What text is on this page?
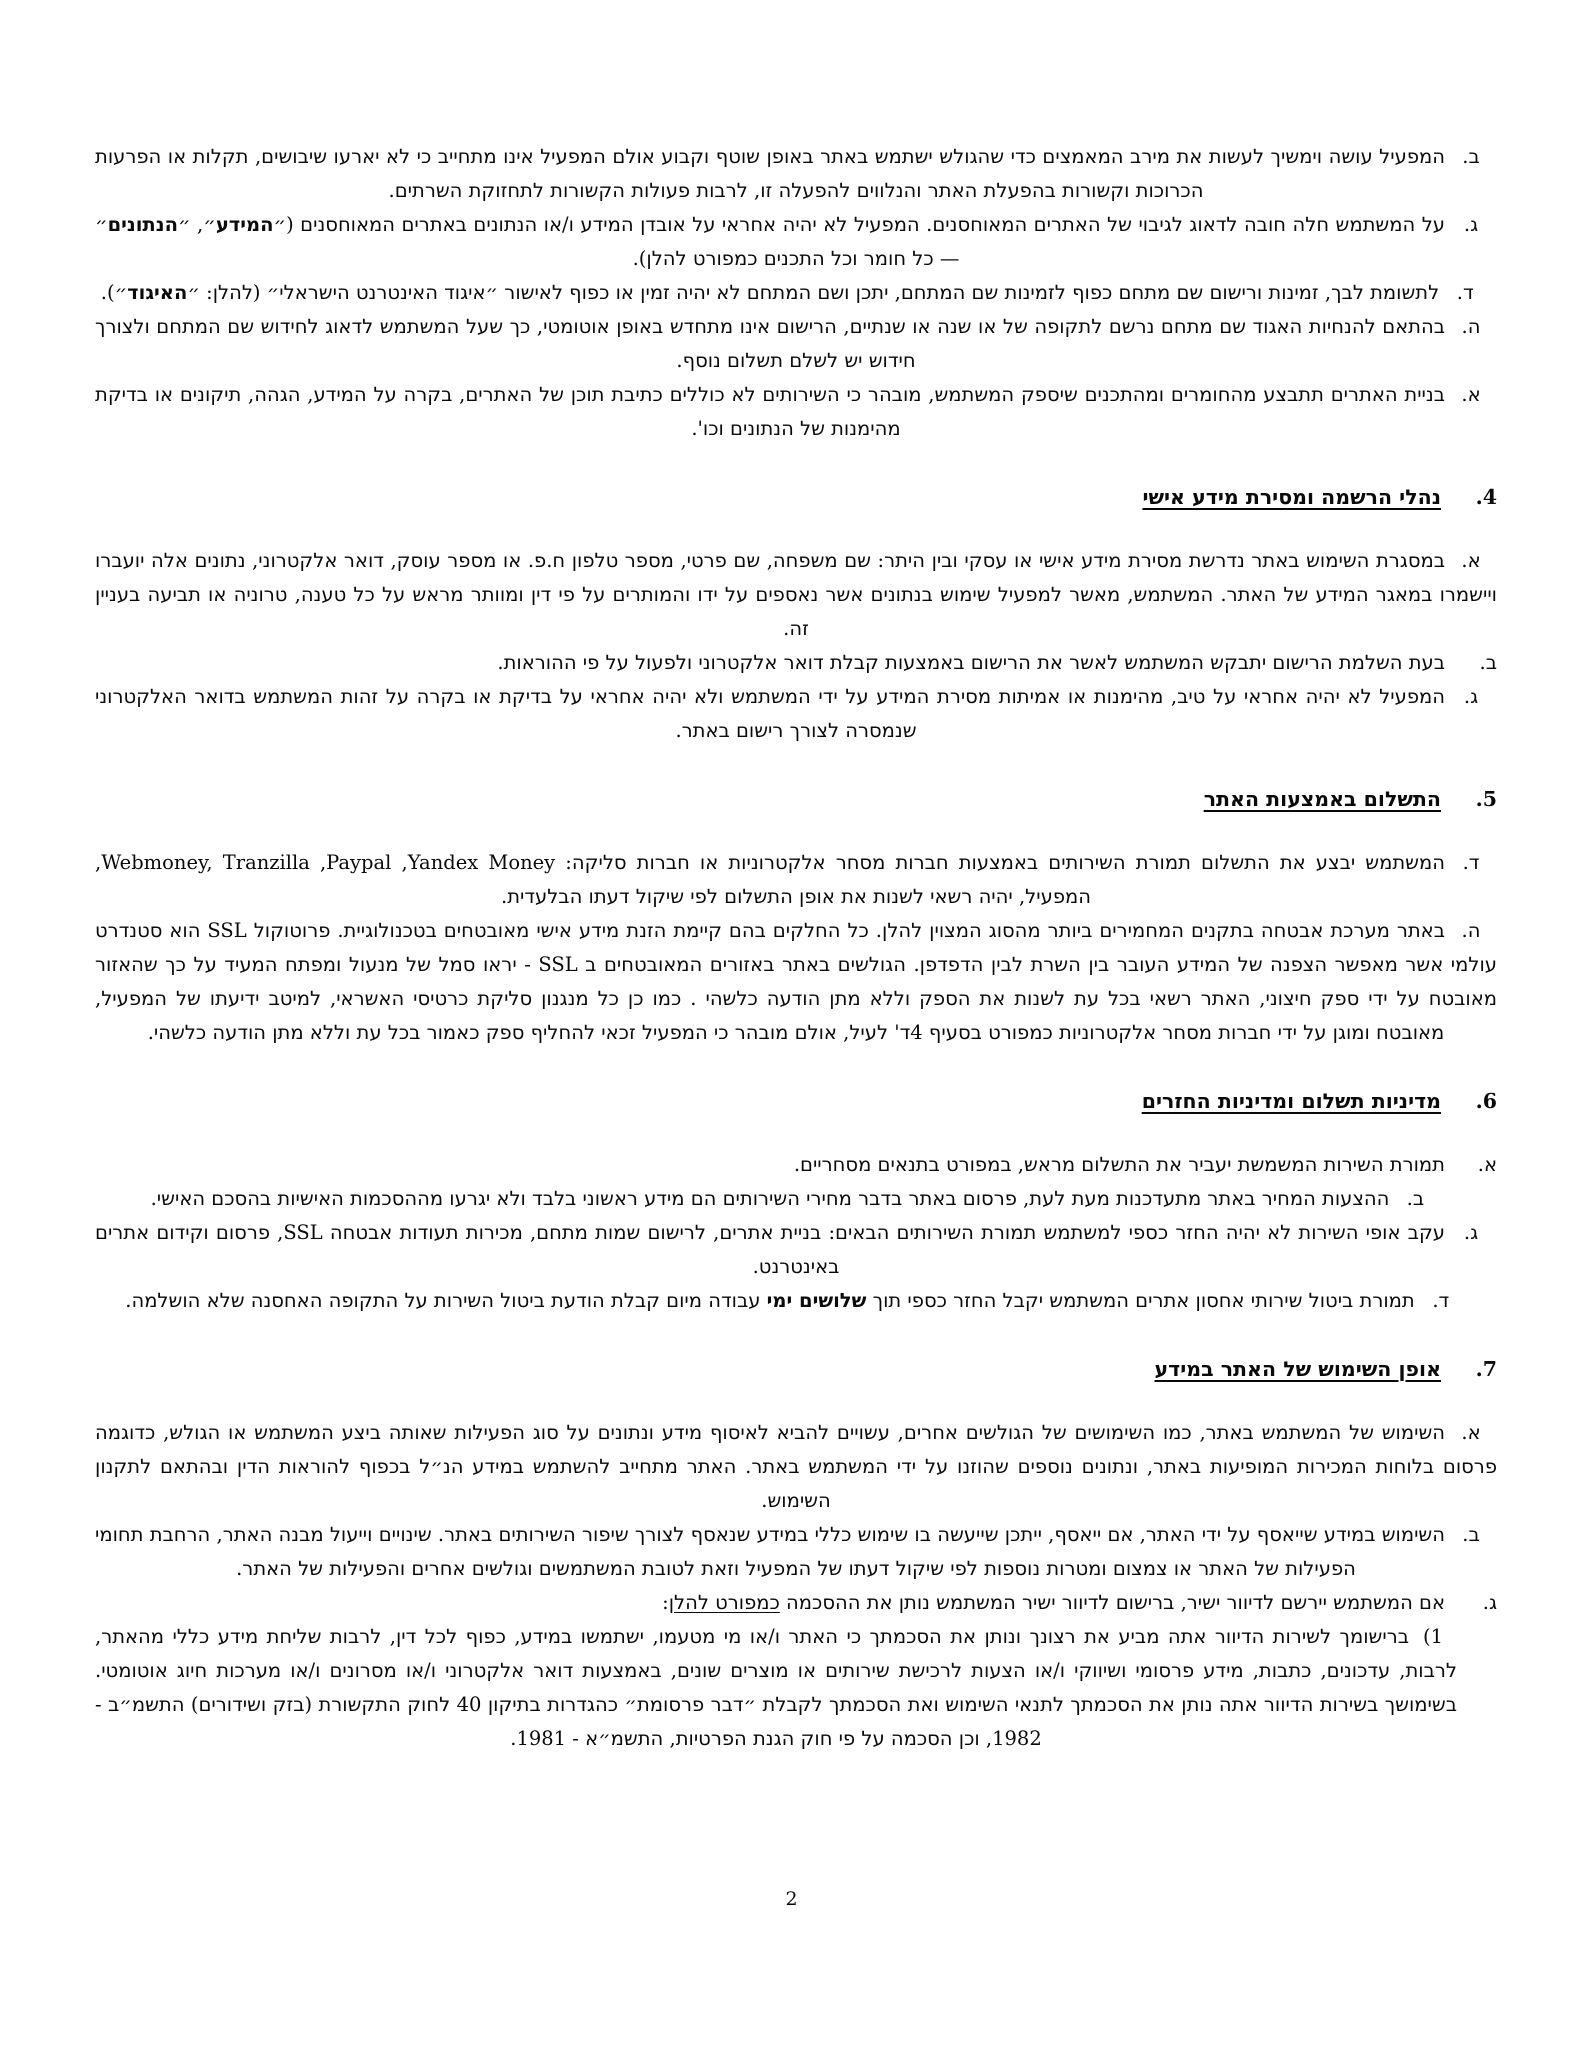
ב.המפעיל עושה וימשיך לעשות את מירב המאמצים כדי שהגולש ישתמש באתר באופן שוטף וקבוע אולם המפעיל אינו מתחייב כי לא יארעו שיבושים, תקלות או הפרעות הכרוכות וקשורות בהפעלת האתר והנלווים להפעלה זו, לרבות פעולות הקשורות לתחזוקת השרתים.
ג.על המשתמש חלה חובה לדאוג לגיבוי של האתרים המאוחסנים. המפעיל לא יהיה אחראי על אובדן המידע ו/או הנתונים באתרים המאוחסנים (״המידע״, ״הנתונים״— כל חומר וכל התכנים כמפורט להלן).
ד.לתשומת לבך, זמינות ורישום שם מתחם כפוף לזמינות שם המתחם, יתכן ושם המתחם לא יהיה זמין או כפוף לאישור ״איגוד האינטרנט הישראלי״ (להלן: ״האיגוד״).
ה.בהתאם להנחיות האגוד שם מתחם נרשם לתקופה של או שנה או שנתיים, הרישום אינו מתחדש באופן אוטומטי, כך שעל המשתמש לדאוג לחידוש שם המתחם ולצורך חידוש יש לשלם תשלום נוסף.
א.בניית האתרים תתבצע מהחומרים ומהתכנים שיספק המשתמש, מובהר כי השירותים לא כוללים כתיבת תוכן של האתרים, בקרה על המידע, הגהה, תיקונים או בדיקת מהימנות של הנתונים וכו'.
4.נהלי הרשמה ומסירת מידע אישי
א.במסגרת השימוש באתר נדרשת מסירת מידע אישי או עסקי ובין היתר: שם משפחה, שם פרטי, מספר טלפון ח.פ. או מספר עוסק, דואר אלקטרוני, נתונים אלה יועברו ויישמרו במאגר המידע של האתר. המשתמש, מאשר למפעיל שימוש בנתונים אשר נאספים על ידו והמותרים על פי דין ומוותר מראש על כל טענה, טרוניה או תביעה בעניין זה.
ב.בעת השלמת הרישום יתבקש המשתמש לאשר את הרישום באמצעות קבלת דואר אלקטרוני ולפעול על פי ההוראות.
ג.המפעיל לא יהיה אחראי על טיב, מהימנות או אמיתות מסירת המידע על ידי המשתמש ולא יהיה אחראי על בדיקת או בקרה על זהות המשתמש בדואר האלקטרוני שנמסרה לצורך רישום באתר.
5.התשלום באמצעות האתר
ד.המשתמש יבצע את התשלום תמורת השירותים באמצעות חברות מסחר אלקטרוניות או חברות סליקה: Webmoney, Tranzilla ,Paypal ,Yandex Money, המפעיל, יהיה רשאי לשנות את אופן התשלום לפי שיקול דעתו הבלעדית.
ה.באתר מערכת אבטחה בתקנים המחמירים ביותר מהסוג המצוין להלן. כל החלקים בהם קיימת הזנת מידע אישי מאובטחים בטכנולוגיית. פרוטוקול SSL הוא סטנדרט עולמי אשר מאפשר הצפנה של המידע העובר בין השרת לבין הדפדפן. הגולשים באתר באזורים המאובטחים ב SSL - יראו סמל של מנעול ומפתח המעיד על כך שהאזור מאובטח על ידי ספק חיצוני, האתר רשאי בכל עת לשנות את הספק וללא מתן הודעה כלשהי . כמו כן כל מנגנון סליקת כרטיסי האשראי, למיטב ידיעתו של המפעיל, מאובטח ומוגן על ידי חברות מסחר אלקטרוניות כמפורט בסעיף 4ד' לעיל, אולם מובהר כי המפעיל זכאי להחליף ספק כאמור בכל עת וללא מתן הודעה כלשהי.
6.מדיניות תשלום ומדיניות החזרים
א.תמורת השירות המשמשת יעביר את התשלום מראש, במפורט בתנאים מסחריים.
ב.ההצעות המחיר באתר מתעדכנות מעת לעת, פרסום באתר בדבר מחירי השירותים הם מידע ראשוני בלבד ולא יגרעו מההסכמות האישיות בהסכם האישי.
ג.עקב אופי השירות לא יהיה החזר כספי למשתמש תמורת השירותים הבאים: בניית אתרים, לרישום שמות מתחם, מכירות תעודות אבטחה SSL, פרסום וקידום אתרים באינטרנט.
ד.תמורת ביטול שירותי אחסון אתרים המשתמש יקבל החזר כספי תוך שלושים ימי עבודה מיום קבלת הודעת ביטול השירות על התקופה האחסנה שלא הושלמה.
7.אופן השימוש של האתר במידע
א.השימוש של המשתמש באתר, כמו השימושים של הגולשים אחרים, עשויים להביא לאיסוף מידע ונתונים על סוג הפעילות שאותה ביצע המשתמש או הגולש, כדוגמה פרסום בלוחות המכירות המופיעות באתר, ונתונים נוספים שהוזנו על ידי המשתמש באתר. האתר מתחייב להשתמש במידע הנ״ל בכפוף להוראות הדין ובהתאם לתקנון השימוש.
ב.השימוש במידע שייאסף על ידי האתר, אם ייאסף, ייתכן שייעשה בו שימוש כללי במידע שנאסף לצורך שיפור השירותים באתר. שינויים וייעול מבנה האתר, הרחבת תחומי הפעילות של האתר או צמצום ומטרות נוספות לפי שיקול דעתו של המפעיל וזאת לטובת המשתמשים וגולשים אחרים והפעילות של האתר.
ג.אם המשתמש יירשם לדיוור ישיר, ברישום לדיוור ישיר המשתמש נותן את ההסכמה כמפורט להלן:
1)ברישומך לשירות הדיוור אתה מביע את רצונך ונותן את הסכמתך כי האתר ו/או מי מטעמו, ישתמשו במידע, כפוף לכל דין, לרבות שליחת מידע כללי מהאתר, לרבות, עדכונים, כתבות, מידע פרסומי ושיווקי ו/או הצעות לרכישת שירותים או מוצרים שונים, באמצעות דואר אלקטרוני ו/או מסרונים ו/או מערכות חיוג אוטומטי. בשימושך בשירות הדיוור אתה נותן את הסכמתך לתנאי השימוש ואת הסכמתך לקבלת ״דבר פרסומת״ כהגדרות בתיקון 40 לחוק התקשורת (בזק ושידורים) התשמ״ב - 1982, וכן הסכמה על פי חוק הגנת הפרטיות, התשמ״א - 1981.
2
